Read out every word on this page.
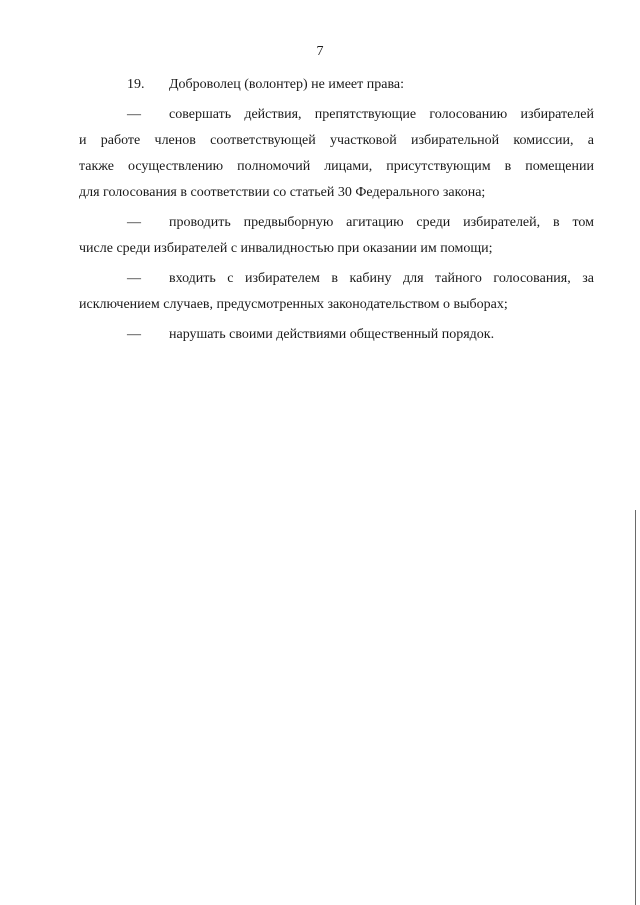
7

19. Доброволец (волонтер) не имеет права:

— совершать действия, препятствующие голосованию избирателей
и работе членов соответствующей участковой избирательной комиссии, а
также осуществлению полномочий лицами, присутствующим в помещении
для голосования в соответствии со статьей 30 Федерального закона;

— проводить предвыборную агитацию среди избирателей, в том
числе среди избирателей с инвалидностью при оказании им помощи;

— входить с избирателем в кабину для тайного голосования, за
исключением случаев, предусмотренных законодательством о выборах;

— нарушать своими действиями общественный порядок.
